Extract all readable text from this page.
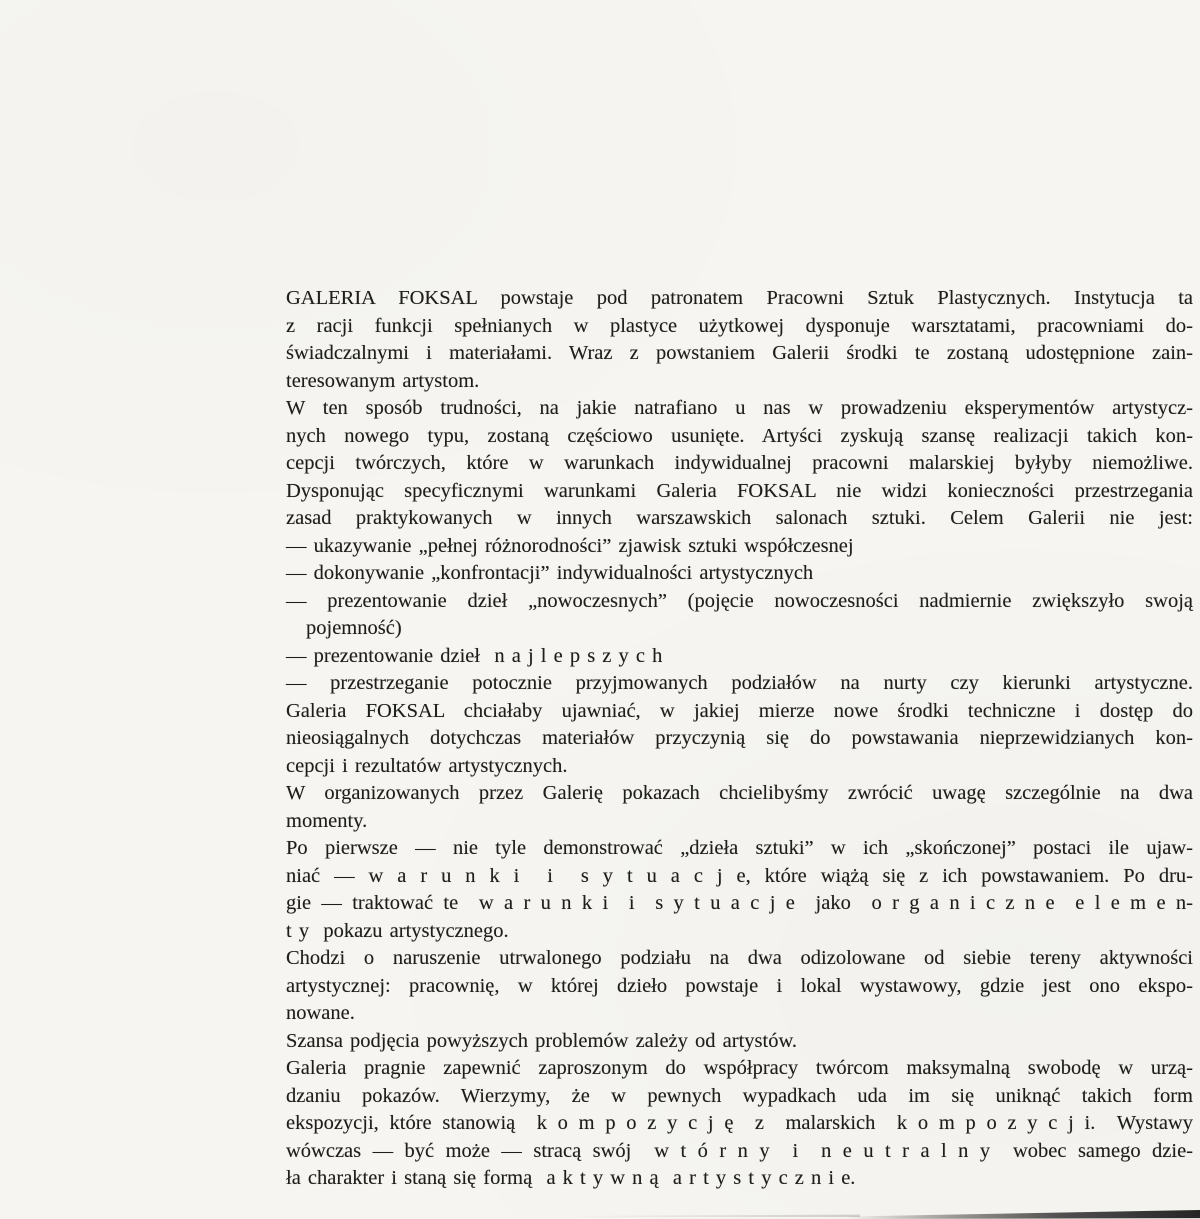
GALERIA FOKSAL powstaje pod patronatem Pracowni Sztuk Plastycznych. Instytucja ta
z racji funkcji spełnianych w plastyce użytkowej dysponuje warsztatami, pracowniami do-
świadczalnymi i materiałami. Wraz z powstaniem Galerii środki te zostaną udostępnione zain-
teresowanym artystom.
W ten sposób trudności, na jakie natrafiano u nas w prowadzeniu eksperymentów artystycz-
nych nowego typu, zostaną częściowo usunięte. Artyści zyskują szansę realizacji takich kon-
cepcji twórczych, które w warunkach indywidualnej pracowni malarskiej byłyby niemożliwe.
Dysponując specyficznymi warunkami Galeria FOKSAL nie widzi konieczności przestrzegania
zasad praktykowanych w innych warszawskich salonach sztuki. Celem Galerii nie jest:
— ukazywanie „pełnej różnorodności” zjawisk sztuki współczesnej
— dokonywanie „konfrontacji” indywidualności artystycznych
— prezentowanie dzieł „nowoczesnych” (pojęcie nowoczesności nadmiernie zwiększyło swoją
pojemność)
— prezentowanie dzieł  n a j l e p s z y c h
— przestrzeganie potocznie przyjmowanych podziałów na nurty czy kierunki artystyczne.
Galeria FOKSAL chciałaby ujawniać, w jakiej mierze nowe środki techniczne i dostęp do
nieosiągalnych dotychczas materiałów przyczynią się do powstawania nieprzewidzianych kon-
cepcji i rezultatów artystycznych.
W organizowanych przez Galerię pokazach chcielibyśmy zwrócić uwagę szczególnie na dwa
momenty.
Po pierwsze — nie tyle demonstrować „dzieła sztuki” w ich „skończonej” postaci ile ujaw-
niać — w a r u n k i  i  s y t u a c j e, które wiążą się z ich powstawaniem. Po dru-
gie — traktować te  w a r u n k i  i  s y t u a c j e  jako  o r g a n i c z n e  e l e m e n-
t y  pokazu artystycznego.
Chodzi o naruszenie utrwalonego podziału na dwa odizolowane od siebie tereny aktywności
artystycznej: pracownię, w której dzieło powstaje i lokal wystawowy, gdzie jest ono ekspo-
nowane.
Szansa podjęcia powyższych problemów zależy od artystów.
Galeria pragnie zapewnić zaproszonym do współpracy twórcom maksymalną swobodę w urzą-
dzaniu pokazów. Wierzymy, że w pewnych wypadkach uda im się uniknąć takich form
ekspozycji, które stanowią  k o m p o z y c j ę  z  malarskich  k o m p o z y c j i.  Wystawy
wówczas — być może — stracą swój  w t ó r n y  i  n e u t r a l n y  wobec samego dzie-
ła charakter i staną się formą  a k t y w n ą  a r t y s t y c z n i e.
